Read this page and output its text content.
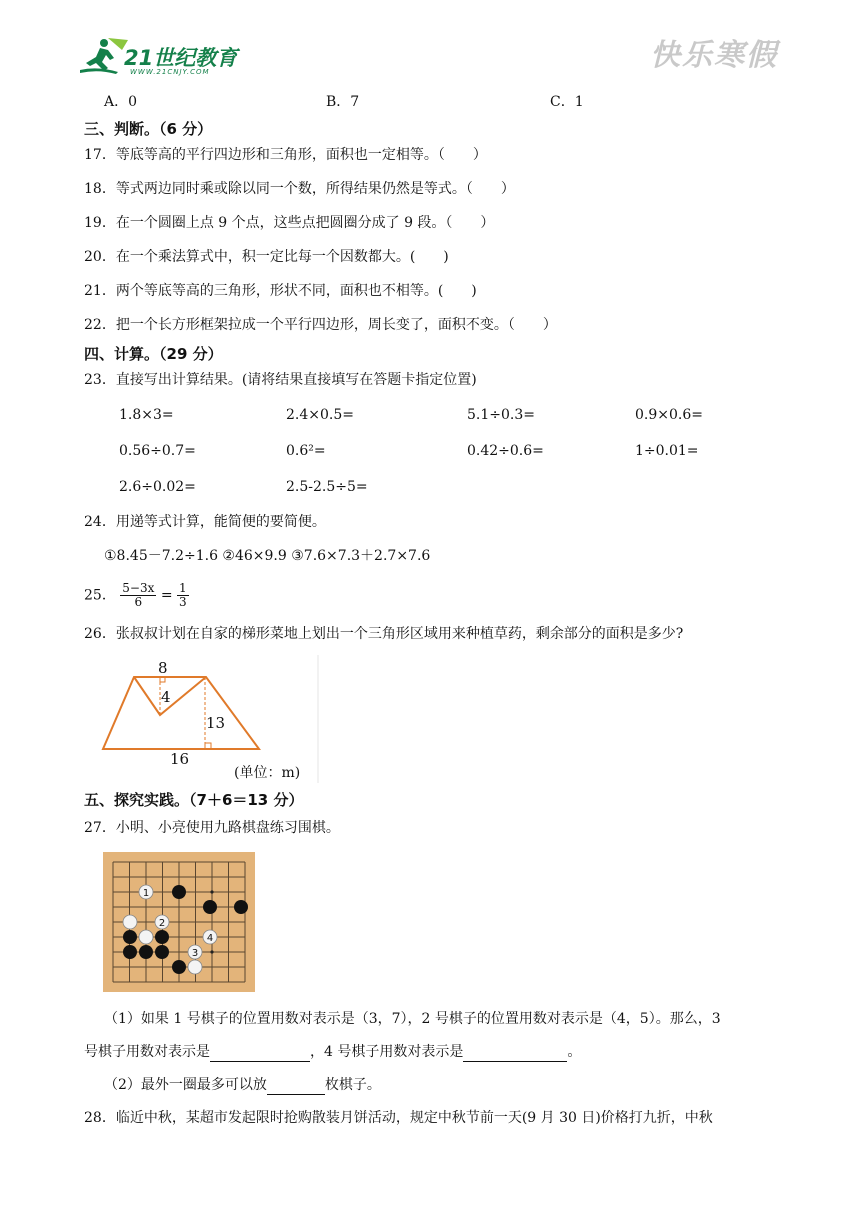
21世纪教育
WWW.21CNJY.COM	快乐寒假
A．0	B．7	C．1
三、判断。（6 分）
17．等底等高的平行四边形和三角形，面积也一定相等。（　　）
18．等式两边同时乘或除以同一个数，所得结果仍然是等式。（　　）
19．在一个圆圈上点 9 个点，这些点把圆圈分成了 9 段。（　　）
20．在一个乘法算式中，积一定比每一个因数都大。(　　)
21．两个等底等高的三角形，形状不同，面积也不相等。(　　)
22．把一个长方形框架拉成一个平行四边形，周长变了，面积不变。（　　）
四、计算。（29 分）
23．直接写出计算结果。(请将结果直接填写在答题卡指定位置)
1.8×3=	2.4×0.5=	5.1÷0.3=	0.9×0.6=
0.56÷0.7=	0.6²=	0.42÷0.6=	1÷0.01=
2.6÷0.02=	2.5-2.5÷5=
24．用递等式计算，能简便的要简便。
①8.45－7.2÷1.6 ②46×9.9 ③7.6×7.3＋2.7×7.6
25． $\frac{5-3x}{6} = \frac{1}{3}$
26．张叔叔计划在自家的梯形菜地上划出一个三角形区域用来种植草药，剩余部分的面积是多少?
8
4
13
16
(单位：m)
五、探究实践。（7＋6＝13 分）
27．小明、小亮使用九路棋盘练习围棋。
1
2
3
4
（1）如果 1 号棋子的位置用数对表示是（3，7），2 号棋子的位置用数对表示是（4，5）。那么，3
号棋子用数对表示是	，4 号棋子用数对表示是	。
（2）最外一圈最多可以放	枚棋子。
28．临近中秋，某超市发起限时抢购散装月饼活动，规定中秋节前一天(9 月 30 日)价格打九折，中秋
